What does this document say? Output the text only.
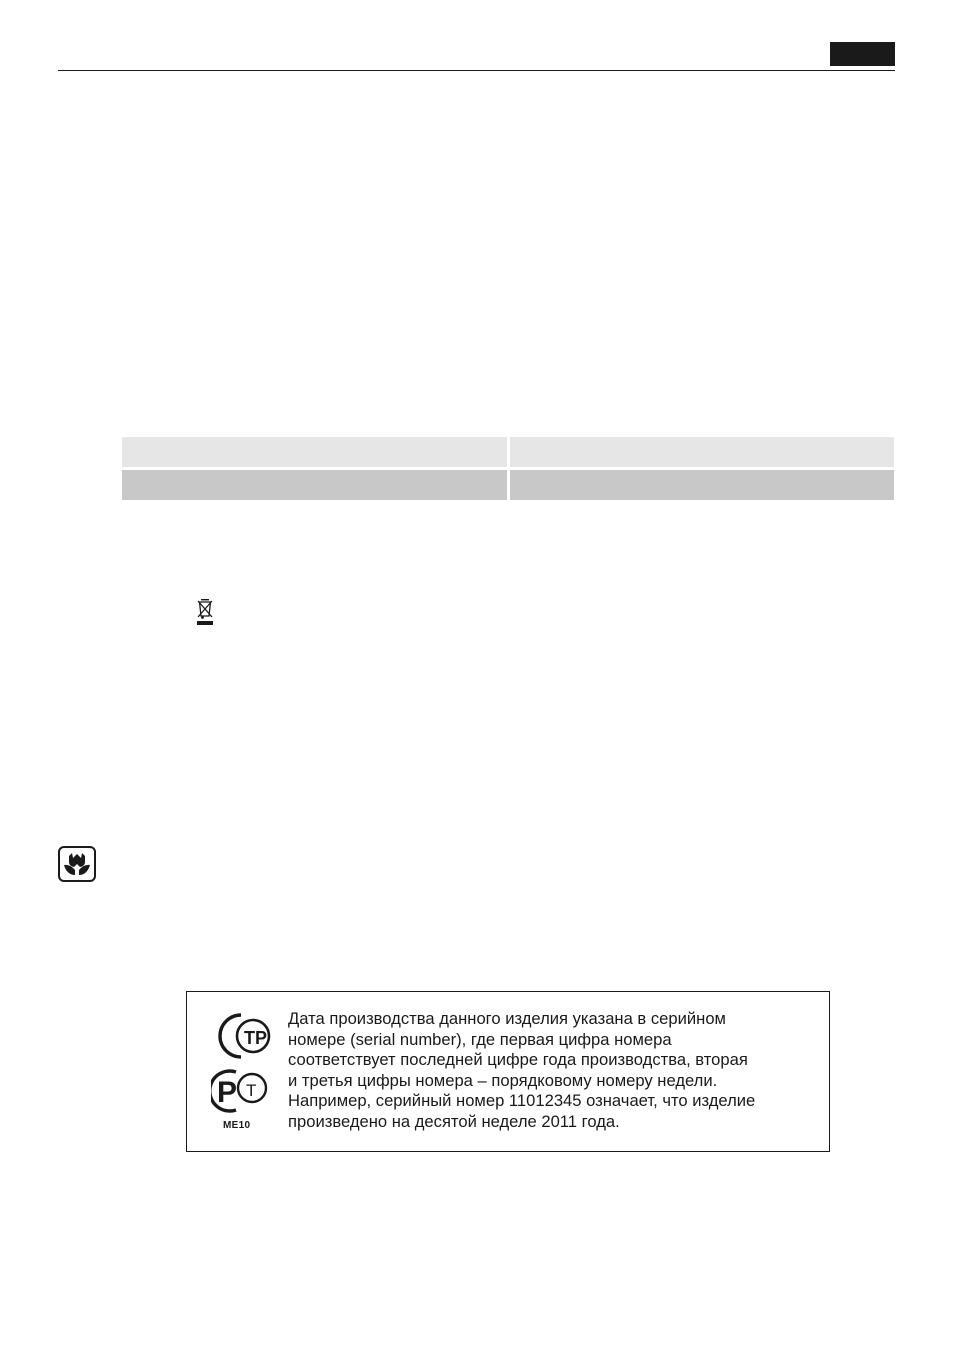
ТР
Р Т
МЕ10

Дата производства данного изделия указана в серийном
номере (serial number), где первая цифра номера
соответствует последней цифре года производства, вторая
и третья цифры номера – порядковому номеру недели.
Например, серийный номер 11012345 означает, что изделие
произведено на десятой неделе 2011 года.
